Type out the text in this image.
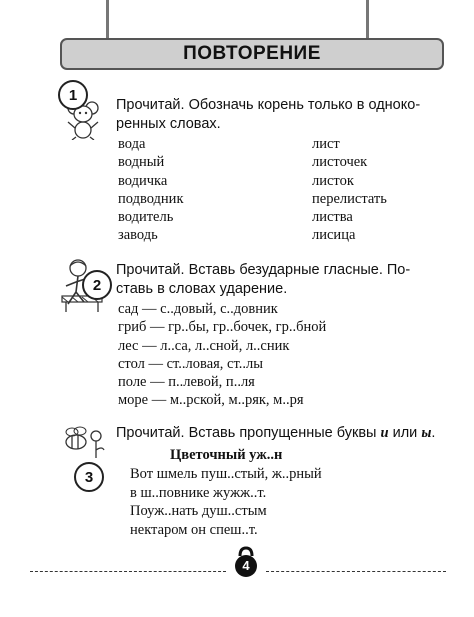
ПОВТОРЕНИЕ
1
Прочитай. Обозначь корень только в одноко-ренных словах.
вода
водный
водичка
подводник
водитель
заводь
лист
листочек
листок
перелистать
листва
лисица
2
Прочитай. Вставь безударные гласные. По-ставь в словах ударение.
сад — с..довый, с..довник
гриб — гр..бы, гр..бочек, гр..бной
лес — л..са, л..сной, л..сник
стол — ст..ловая, ст..лы
поле — п..левой, п..ля
море — м..рской, м..ряк, м..ря
3
Прочитай. Вставь пропущенные буквы и или ы.
Цветочный уж..н
Вот шмель пуш..стый, ж..рный
в ш..повнике жужж..т.
Поуж..нать душ..стым
нектаром он спеш..т.
4
